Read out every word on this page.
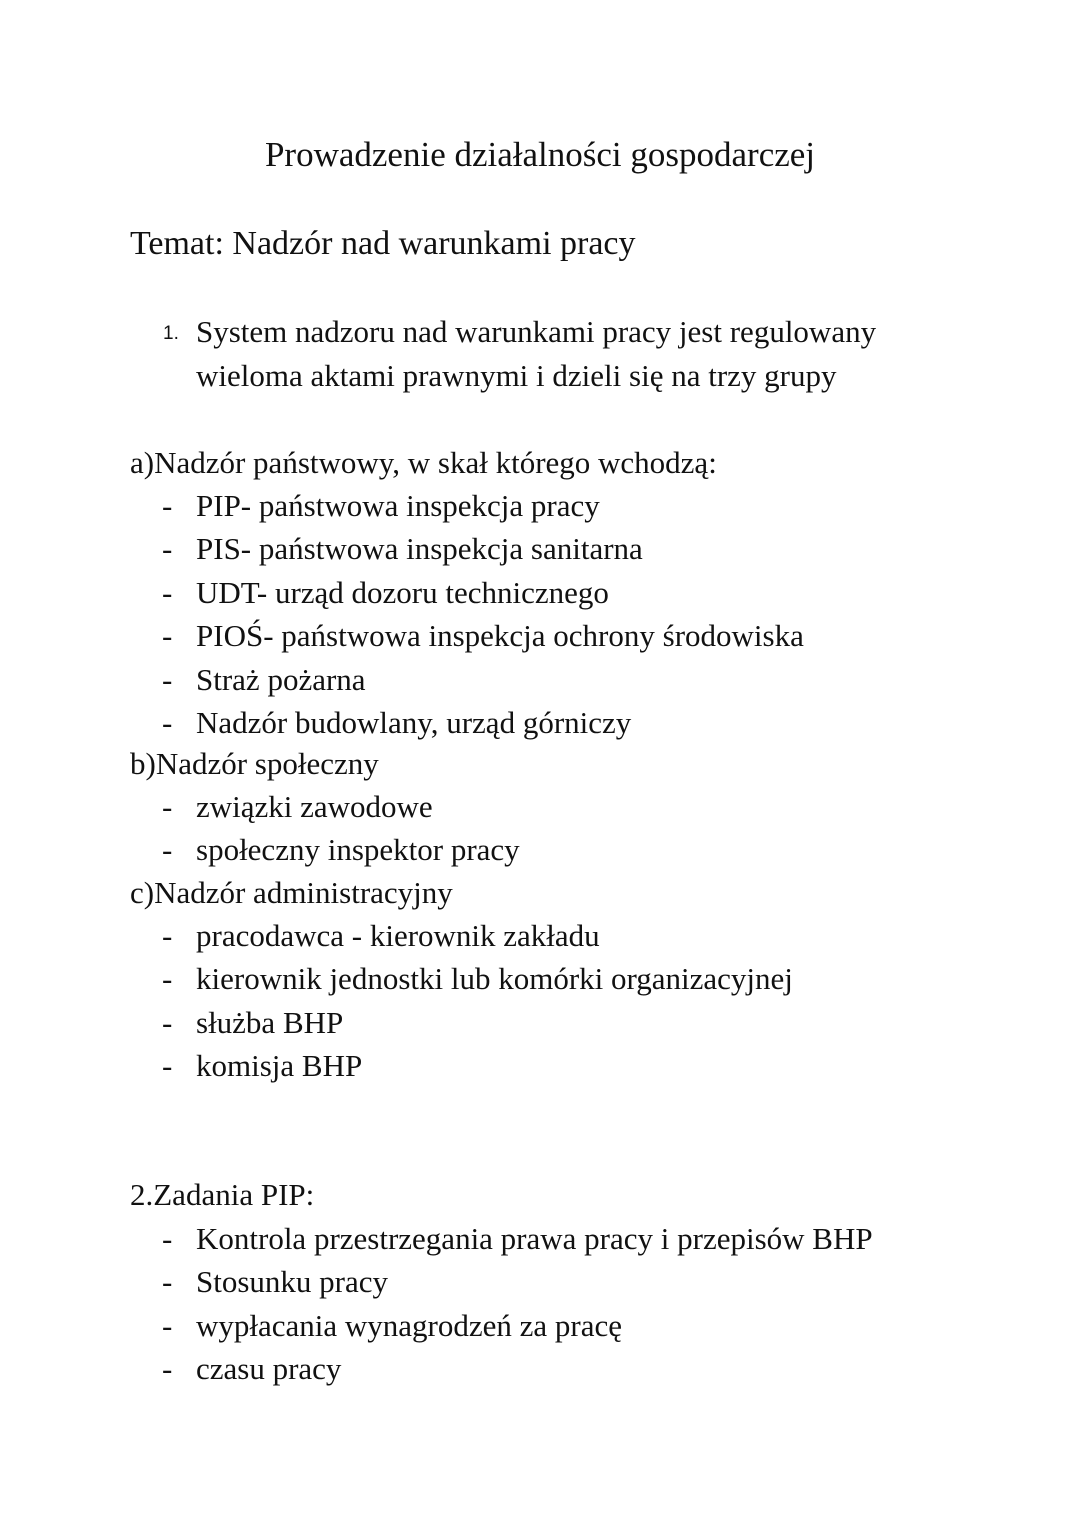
Prowadzenie działalności gospodarczej
Temat: Nadzór nad warunkami pracy
1. System nadzoru nad warunkami pracy jest regulowany wieloma aktami prawnymi i dzieli się na trzy grupy
a)Nadzór państwowy, w skał którego wchodzą:
- PIP- państwowa inspekcja pracy
- PIS- państwowa inspekcja sanitarna
- UDT- urząd dozoru technicznego
- PIOŚ- państwowa inspekcja ochrony środowiska
- Straż pożarna
- Nadzór budowlany, urząd górniczy
b)Nadzór społeczny
- związki zawodowe
- społeczny inspektor pracy
c)Nadzór administracyjny
- pracodawca - kierownik zakładu
- kierownik jednostki lub komórki organizacyjnej
- służba BHP
- komisja BHP
2.Zadania PIP:
- Kontrola przestrzegania prawa pracy i przepisów BHP
- Stosunku pracy
- wypłacania wynagrodzeń za pracę
- czasu pracy
